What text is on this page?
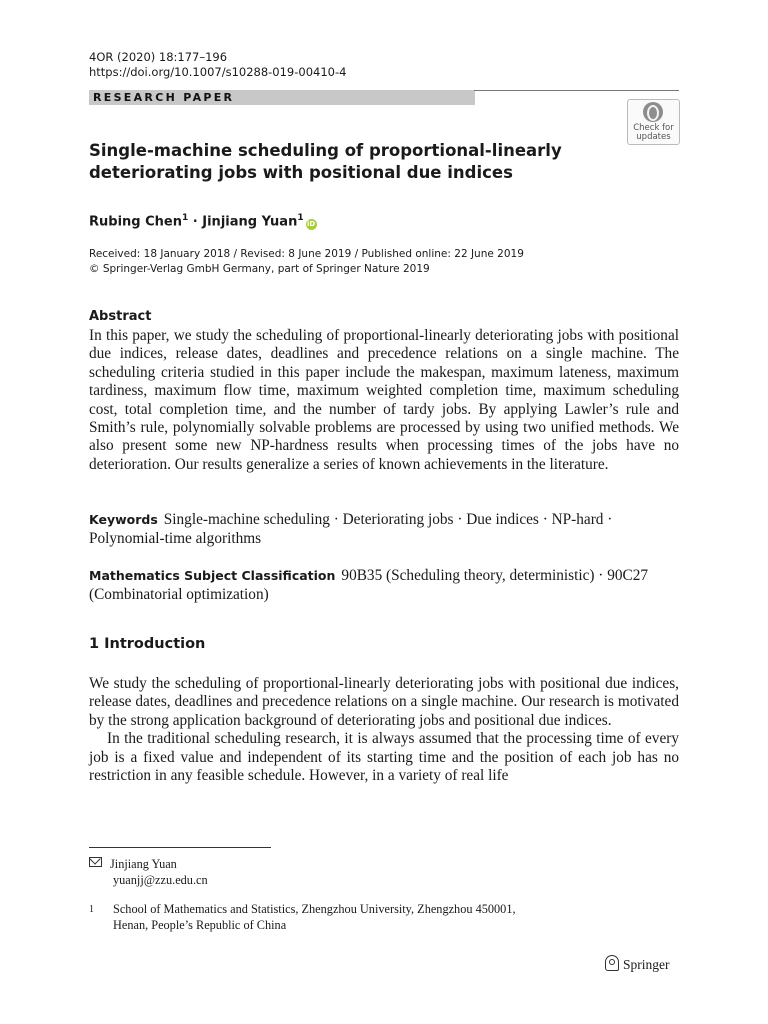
4OR (2020) 18:177–196
https://doi.org/10.1007/s10288-019-00410-4
RESEARCH PAPER
Check for
updates
Single-machine scheduling of proportional-linearly deteriorating jobs with positional due indices
Rubing Chen$^1$ · Jinjiang Yuan$^1$iD
Received: 18 January 2018 / Revised: 8 June 2019 / Published online: 22 June 2019
© Springer-Verlag GmbH Germany, part of Springer Nature 2019
Abstract
In this paper, we study the scheduling of proportional-linearly deteriorating jobs with positional due indices, release dates, deadlines and precedence relations on a single machine. The scheduling criteria studied in this paper include the makespan, maximum lateness, maximum tardiness, maximum flow time, maximum weighted completion time, maximum scheduling cost, total completion time, and the number of tardy jobs. By applying Lawler’s rule and Smith’s rule, polynomially solvable problems are processed by using two unified methods. We also present some new NP-hardness results when processing times of the jobs have no deterioration. Our results generalize a series of known achievements in the literature.
Keywords Single-machine scheduling · Deteriorating jobs · Due indices · NP-hard · Polynomial-time algorithms
Mathematics Subject Classification 90B35 (Scheduling theory, deterministic) · 90C27 (Combinatorial optimization)
1 Introduction

We study the scheduling of proportional-linearly deteriorating jobs with positional due indices, release dates, deadlines and precedence relations on a single machine. Our research is motivated by the strong application background of deteriorating jobs and positional due indices.

In the traditional scheduling research, it is always assumed that the processing time of every job is a fixed value and independent of its starting time and the position of each job has no restriction in any feasible schedule. However, in a variety of real life

Jinjiang Yuan
yuanjj@zzu.edu.cn
1 School of Mathematics and Statistics, Zhengzhou University, Zhengzhou 450001,
Henan, People’s Republic of China
Springer
